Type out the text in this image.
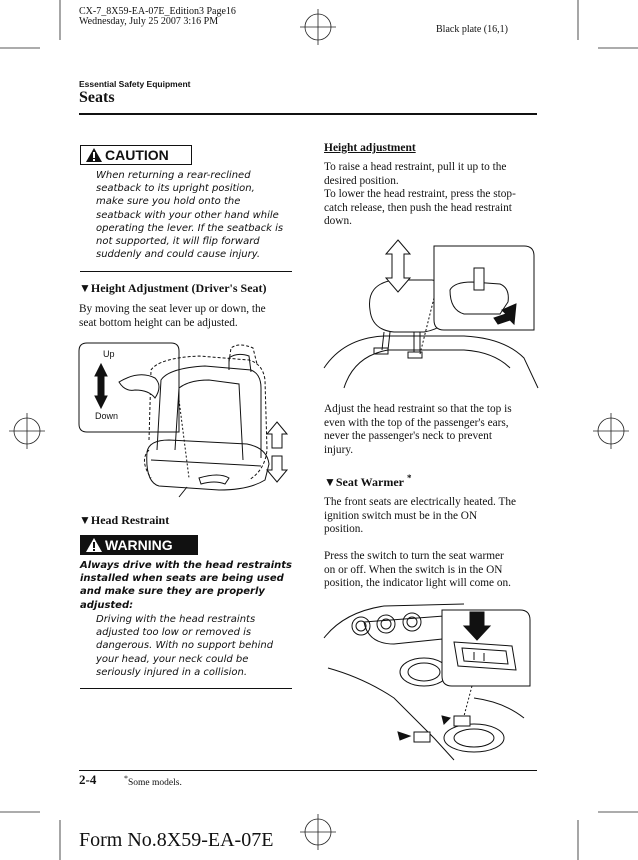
CX-7_8X59-EA-07E_Edition3 Page16
Wednesday, July 25 2007 3:16 PM
Black plate (16,1)
Essential Safety Equipment
Seats
CAUTION
When returning a rear-reclined
seatback to its upright position,
make sure you hold onto the
seatback with your other hand while
operating the lever. If the seatback is
not supported, it will flip forward
suddenly and could cause injury.
▼Height Adjustment (Driver's Seat)
By moving the seat lever up or down, the
seat bottom height can be adjusted.
Up
Down
▼Head Restraint
WARNING
Always drive with the head restraints
installed when seats are being used
and make sure they are properly
adjusted:
Driving with the head restraints
adjusted too low or removed is
dangerous. With no support behind
your head, your neck could be
seriously injured in a collision.
Height adjustment
To raise a head restraint, pull it up to the
desired position.
To lower the head restraint, press the stop-
catch release, then push the head restraint
down.
Adjust the head restraint so that the top is
even with the top of the passenger's ears,
never the passenger's neck to prevent
injury.
▼Seat Warmer *
The front seats are electrically heated. The
ignition switch must be in the ON
position.
Press the switch to turn the seat warmer
on or off. When the switch is in the ON
position, the indicator light will come on.
2-4	*Some models.
Form No.8X59-EA-07E
